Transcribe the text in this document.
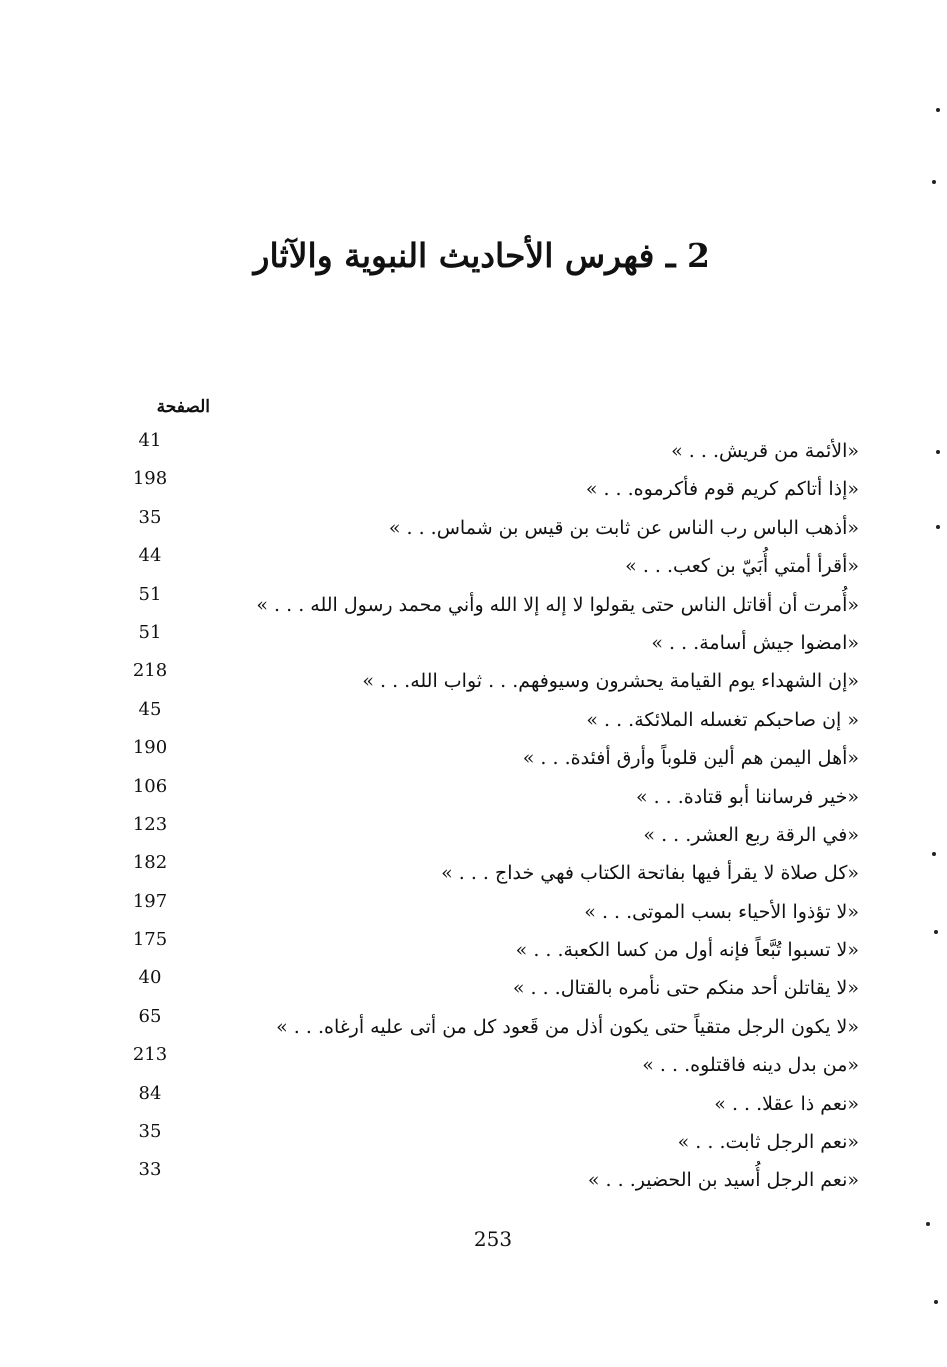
2 ـ فهرس الأحاديث النبوية والآثار
الصفحة
«الأئمة من قريش. . . »
41
«إذا أتاكم كريم قوم فأكرموه. . . »
198
«أذهب الباس رب الناس عن ثابت بن قيس بن شماس. . . »
35
«أقرأ أمتي أُبَيّ بن كعب. . . »
44
«أُمرت أن أقاتل الناس حتى يقولوا لا إله إلا الله وأني محمد رسول الله . . . »
51
«امضوا جيش أسامة. . . »
51
«إن الشهداء يوم القيامة يحشرون وسيوفهم. . . ثواب الله. . . »
218
« إن صاحبكم تغسله الملائكة. . . »
45
«أهل اليمن هم ألين قلوباً وأرق أفئدة. . . »
190
«خير فرساننا أبو قتادة. . . »
106
«في الرقة ربع العشر. . . »
123
«كل صلاة لا يقرأ فيها بفاتحة الكتاب فهي خداج . . . »
182
«لا تؤذوا الأحياء بسب الموتى. . . »
197
«لا تسبوا تُبَّعاً فإنه أول من كسا الكعبة. . . »
175
«لا يقاتلن أحد منكم حتى نأمره بالقتال. . . »
40
«لا يكون الرجل متقياً حتى يكون أذل من قَعود كل من أتى عليه أرغاه. . . »
65
«من بدل دينه فاقتلوه. . . »
213
«نعم ذا عقلا. . . »
84
«نعم الرجل ثابت. . . »
35
«نعم الرجل أُسيد بن الحضير. . . »
33
253
